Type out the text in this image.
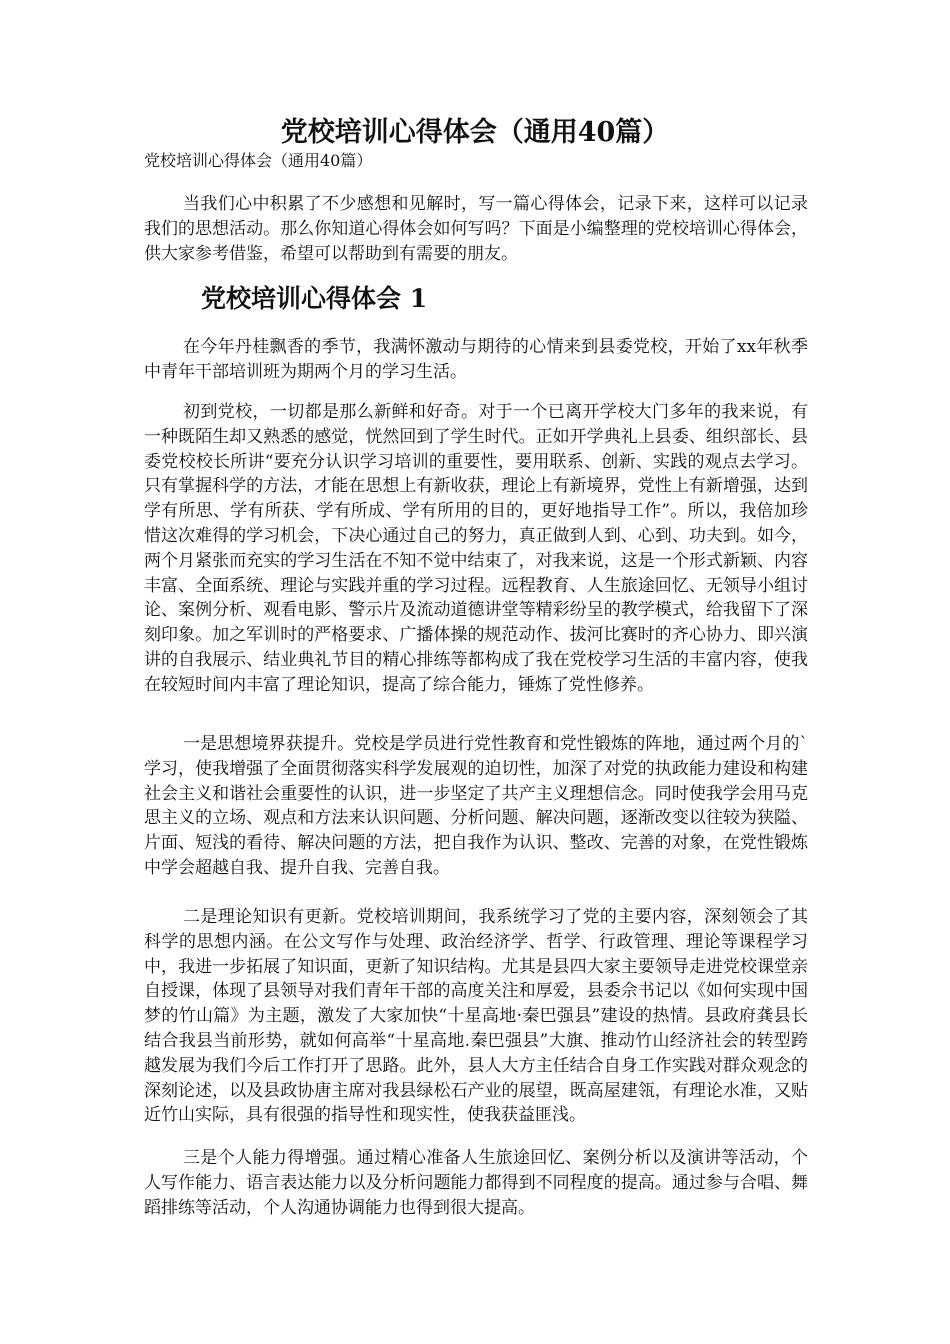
党校培训心得体会（通用40篇）

党校培训心得体会（通用40篇）

当我们心中积累了不少感想和见解时，写一篇心得体会，记录下来，这样可以记录我们的思想活动。那么你知道心得体会如何写吗？下面是小编整理的党校培训心得体会，供大家参考借鉴，希望可以帮助到有需要的朋友。

党校培训心得体会 1

在今年丹桂飘香的季节，我满怀激动与期待的心情来到县委党校，开始了xx年秋季中青年干部培训班为期两个月的学习生活。

初到党校，一切都是那么新鲜和好奇。对于一个已离开学校大门多年的我来说，有一种既陌生却又熟悉的感觉，恍然回到了学生时代。正如开学典礼上县委、组织部长、县委党校校长所讲“要充分认识学习培训的重要性，要用联系、创新、实践的观点去学习。只有掌握科学的方法，才能在思想上有新收获，理论上有新境界，党性上有新增强，达到学有所思、学有所获、学有所成、学有所用的目的，更好地指导工作”。所以，我倍加珍惜这次难得的学习机会，下决心通过自己的努力，真正做到人到、心到、功夫到。如今，两个月紧张而充实的学习生活在不知不觉中结束了，对我来说，这是一个形式新颖、内容丰富、全面系统、理论与实践并重的学习过程。远程教育、人生旅途回忆、无领导小组讨论、案例分析、观看电影、警示片及流动道德讲堂等精彩纷呈的教学模式，给我留下了深刻印象。加之军训时的严格要求、广播体操的规范动作、拔河比赛时的齐心协力、即兴演讲的自我展示、结业典礼节目的精心排练等都构成了我在党校学习生活的丰富内容，使我在较短时间内丰富了理论知识，提高了综合能力，锤炼了党性修养。

一是思想境界获提升。党校是学员进行党性教育和党性锻炼的阵地，通过两个月的`学习，使我增强了全面贯彻落实科学发展观的迫切性，加深了对党的执政能力建设和构建社会主义和谐社会重要性的认识，进一步坚定了共产主义理想信念。同时使我学会用马克思主义的立场、观点和方法来认识问题、分析问题、解决问题，逐渐改变以往较为狭隘、片面、短浅的看待、解决问题的方法，把自我作为认识、整改、完善的对象，在党性锻炼中学会超越自我、提升自我、完善自我。

二是理论知识有更新。党校培训期间，我系统学习了党的主要内容，深刻领会了其科学的思想内涵。在公文写作与处理、政治经济学、哲学、行政管理、理论等课程学习中，我进一步拓展了知识面，更新了知识结构。尤其是县四大家主要领导走进党校课堂亲自授课，体现了县领导对我们青年干部的高度关注和厚爱，县委佘书记以《如何实现中国梦的竹山篇》为主题，激发了大家加快“十星高地·秦巴强县”建设的热情。县政府龚县长结合我县当前形势，就如何高举“十星高地.秦巴强县”大旗、推动竹山经济社会的转型跨越发展为我们今后工作打开了思路。此外，县人大方主任结合自身工作实践对群众观念的深刻论述，以及县政协唐主席对我县绿松石产业的展望，既高屋建瓴，有理论水准，又贴近竹山实际，具有很强的指导性和现实性，使我获益匪浅。

三是个人能力得增强。通过精心准备人生旅途回忆、案例分析以及演讲等活动，个人写作能力、语言表达能力以及分析问题能力都得到不同程度的提高。通过参与合唱、舞蹈排练等活动，个人沟通协调能力也得到很大提高。
